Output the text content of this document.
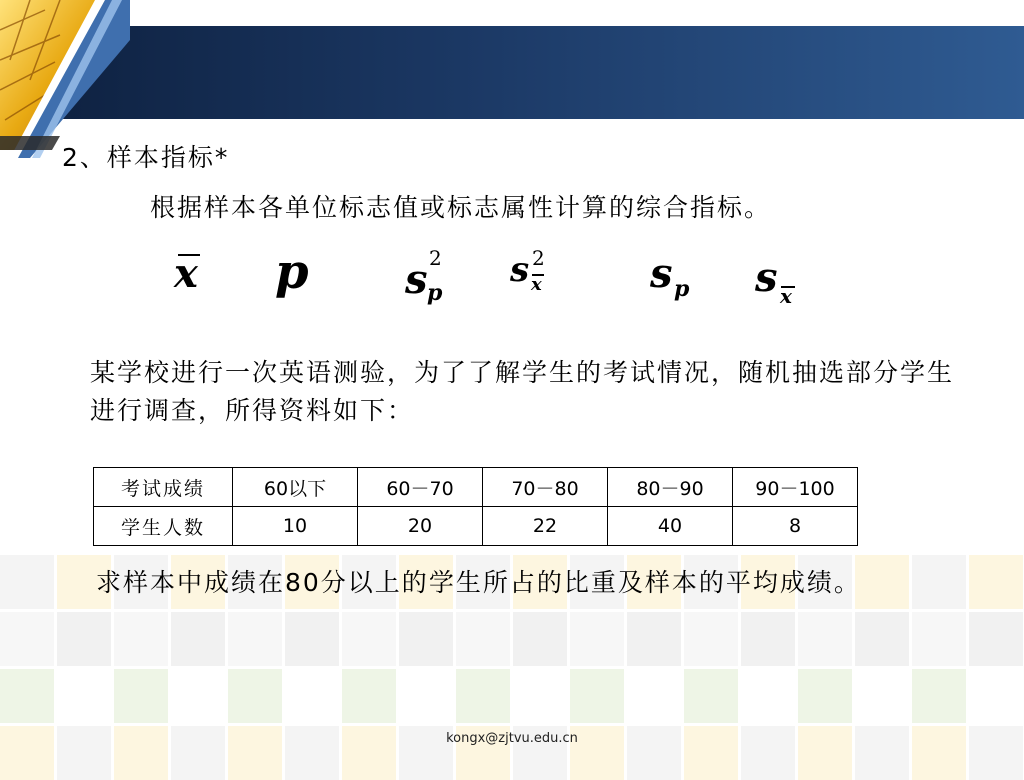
2、样本指标*
根据样本各单位标志值或标志属性计算的综合指标。
x p s 2
p
s 2
x	s p s x
某学校进行一次英语测验，为了了解学生的考试情况，随机抽选部分学生进行调查，所得资料如下：
考试成绩	60以下	60－70	70－80	80－90	90－100
学生人数	10	20	22	40	8
求样本中成绩在80分以上的学生所占的比重及样本的平均成绩。
kongx@zjtvu.edu.cn
